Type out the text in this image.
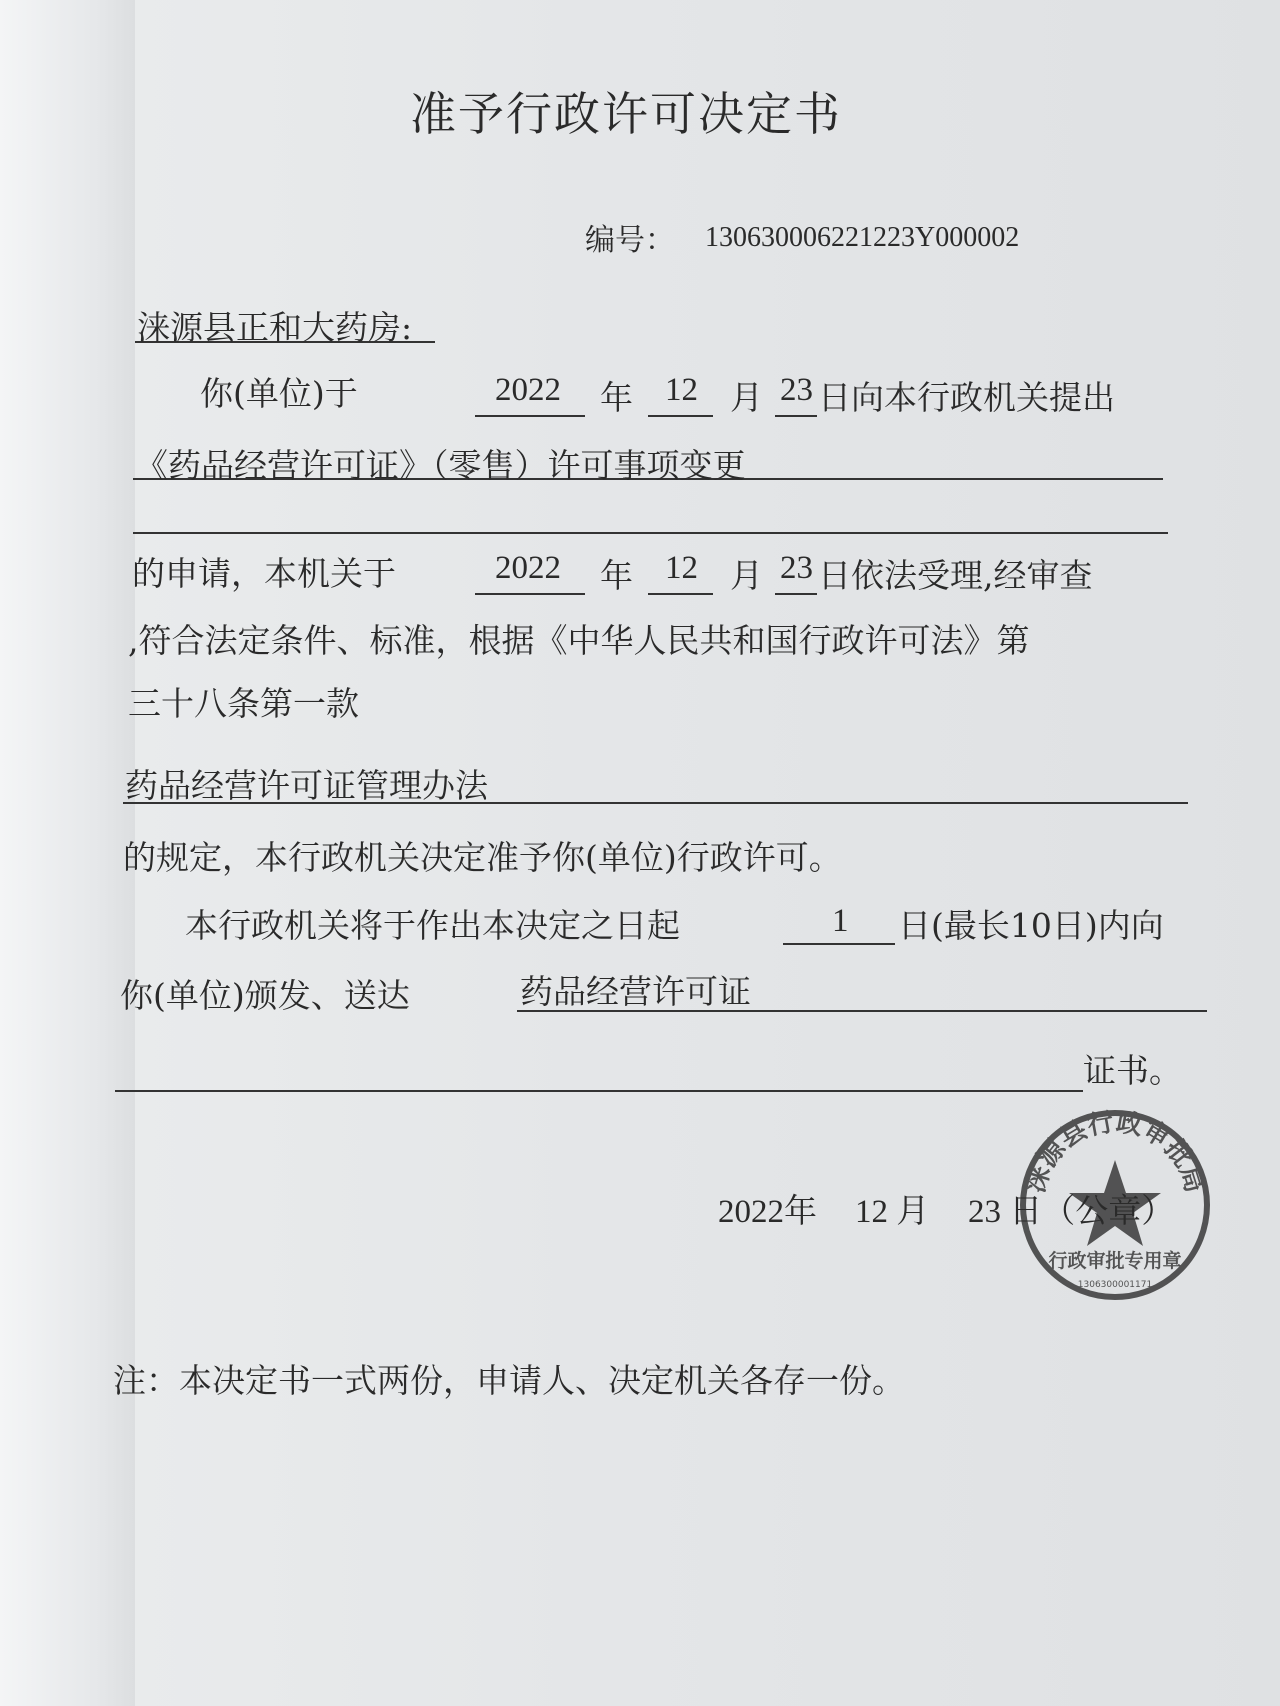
准予行政许可决定书
编号： 13063000622122​3Y000002
涞源县正和大药房:
你(单位)于	2022 年 12 月 23 日向本行政机关提出
《药品经营许可证》（零售）许可事项变更
的申请，本机关于	2022 年 12 月 23 日依法受理,经审查
,符合法定条件、标准，根据《中华人民共和国行政许可法》第
三十八条第一款
药品经营许可证管理办法
的规定，本行政机关决定准予你(单位)行政许可。
本行政机关将于作出本决定之日起	1 日(最长10日)内向
你(单位)颁发、送达	药品经营许可证
证书。
2022年 12 月
涞源县行政审批局
行政审批专用章
1306300001171
23 日（公章）
注：本决定书一式两份，申请人、决定机关各存一份。
